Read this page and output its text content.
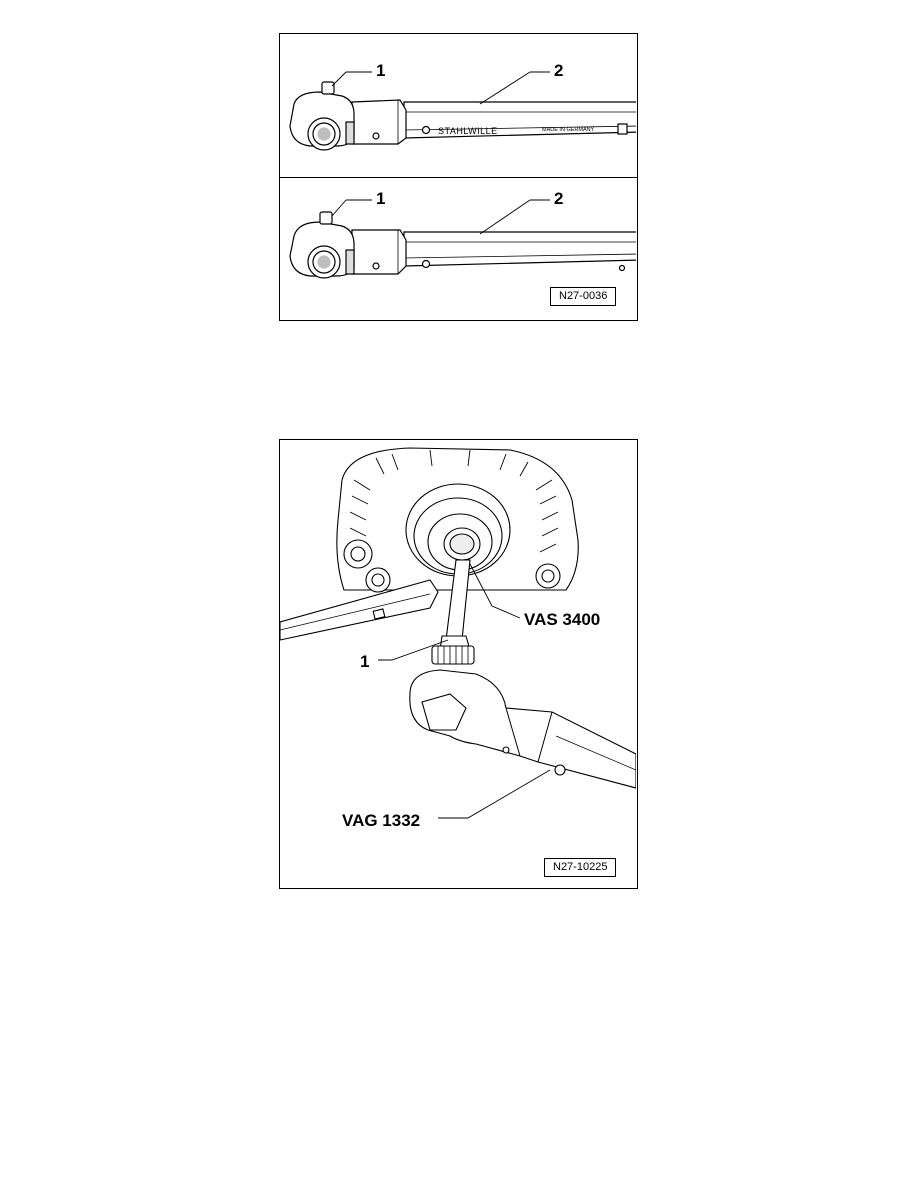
1	2
STAHLWILLE	MADE IN GERMANY
1	2
N27-0036
VAS 3400
1
VAG 1332
N27-10225
